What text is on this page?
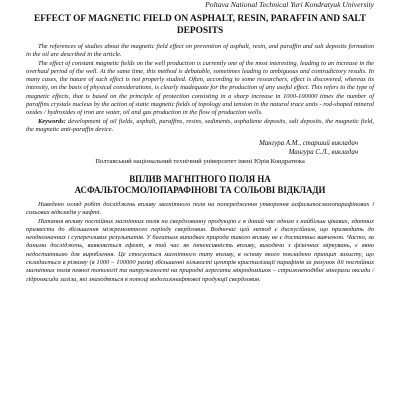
Poltava National Technical Yuri Kondratyuk University
EFFECT OF MAGNETIC FIELD ON ASPHALT, RESIN, PARAFFIN AND SALT DEPOSITS

The references of studies about the magnetic field effect on prevention of asphalt, resin, and paraffin and salt deposits formation in the oil are described in the article.

The effect of constant magnetic fields on the well production is currently one of the most interesting, leading to an increase in the overhaul period of the well. At the same time, this method is debatable, sometimes leading to ambiguous and contradictory results. In many cases, the nature of such effect is not properly studied. Often, according to some researchers, effect is discovered, whereas its intensity, on the basis of physical considerations, is clearly inadequate for the production of any useful effect. This refers to the type of magnetic effects, that is based on the principle of protection consisting in a sharp increase in 1000-100000 times the number of paraffins crystals nucleus by the action of static magnetic fields of topology and tension in the natural trace units - rod-shaped mineral oxides / hydroxides of iron are water, oil and gas production in the flow of production wells.

Keywords: development of oil fields, asphalt, paraffins, resins, sediments, asphaltene deposits, salt deposits, the magnetic field, the magnetic anti-paraffin device.

Мангура А.М., старший викладач
Мангура С.Л., викладач
Полтавський національний технічний університет імені Юрія Кондратюка
ВПЛИВ МАГНІТНОГО ПОЛЯ НА
АСФАЛЬТОСМОЛОПАРАФІНОВІ ТА СОЛЬОВІ ВІДКЛАДИ

Наведено огляд робіт досліджень впливу магнітного поля на попередження утворення асфальтосмолопарафінових і сольових відкладів у нафті.

Питання впливу постійних магнітних полів на свердловинну продукцію є в даний час одним з найбільш цікавих, здатних призвести до збільшення міжремонтного періоду свердловин. Водночас цей метод є дискусійним, що призводить до неоднозначних і суперечливих результатів. У багатьох випадках природа такого впливу не є достатньо вивченою. Часто, за даними досліджень, виявляється ефект, в той час як інтенсивність впливу, виходячи з фізичних міркувань, є явно недостатньою для вироблення. Це стосується магнітного типу впливу, в основу якого покладено принцип захисту, що складається в різкому (в 1000 – 100000 разів) збільшенні кількості центрів кристалізації парафінів за рахунок дії постійних магнітних полів певної топології та напруженості на природні агрегати мікродомішок – стрижнеподібні мінерали оксиди / гідрооксиди заліза, які знаходяться в потоці водогазонафтової продукції свердловин.
